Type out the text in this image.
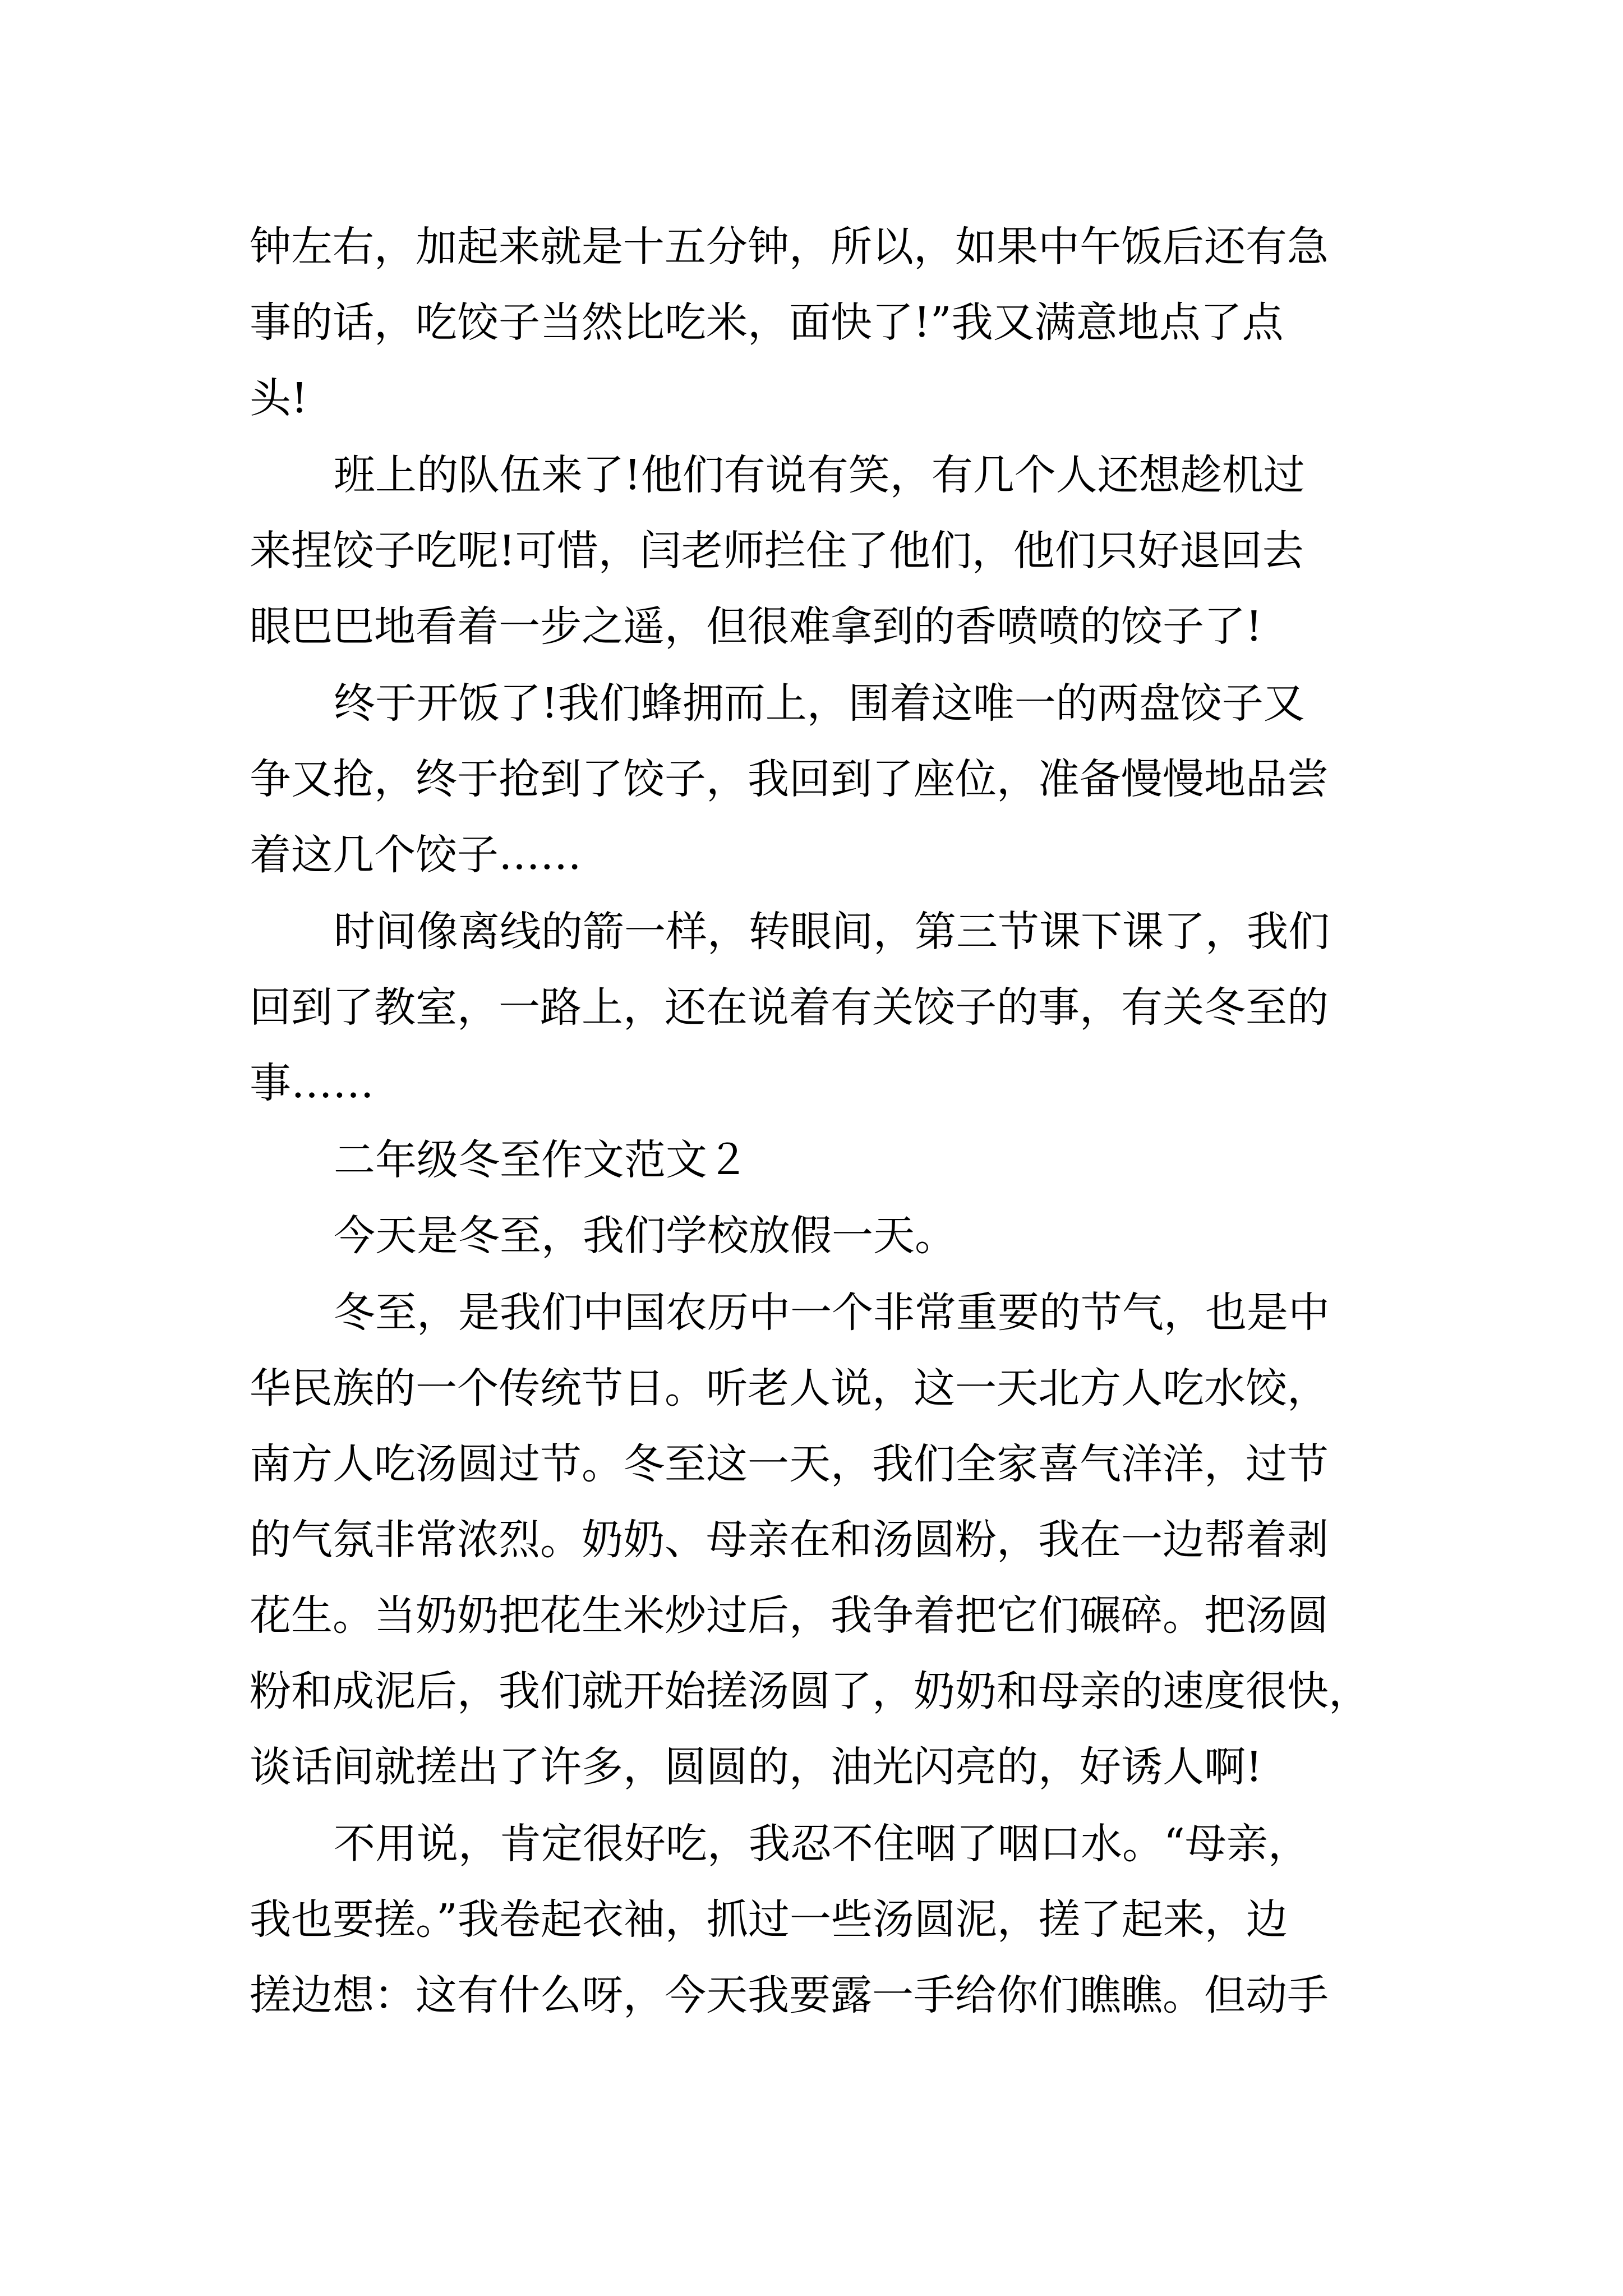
钟左右，加起来就是十五分钟，所以，如果中午饭后还有急
事的话，吃饺子当然比吃米，面快了!”我又满意地点了点
头!
班上的队伍来了!他们有说有笑，有几个人还想趁机过
来捏饺子吃呢!可惜，闫老师拦住了他们，他们只好退回去
眼巴巴地看着一步之遥，但很难拿到的香喷喷的饺子了!
终于开饭了!我们蜂拥而上，围着这唯一的两盘饺子又
争又抢，终于抢到了饺子，我回到了座位，准备慢慢地品尝
着这几个饺子……
时间像离线的箭一样，转眼间，第三节课下课了，我们
回到了教室，一路上，还在说着有关饺子的事，有关冬至的
事……
二年级冬至作文范文２
今天是冬至，我们学校放假一天。
冬至，是我们中国农历中一个非常重要的节气，也是中
华民族的一个传统节日。听老人说，这一天北方人吃水饺，
南方人吃汤圆过节。冬至这一天，我们全家喜气洋洋，过节
的气氛非常浓烈。奶奶、母亲在和汤圆粉，我在一边帮着剥
花生。当奶奶把花生米炒过后，我争着把它们碾碎。把汤圆
粉和成泥后，我们就开始搓汤圆了，奶奶和母亲的速度很快，
谈话间就搓出了许多，圆圆的，油光闪亮的，好诱人啊!
不用说，肯定很好吃，我忍不住咽了咽口水。“母亲，
我也要搓。”我卷起衣袖，抓过一些汤圆泥，搓了起来，边
搓边想：这有什么呀，今天我要露一手给你们瞧瞧。但动手
